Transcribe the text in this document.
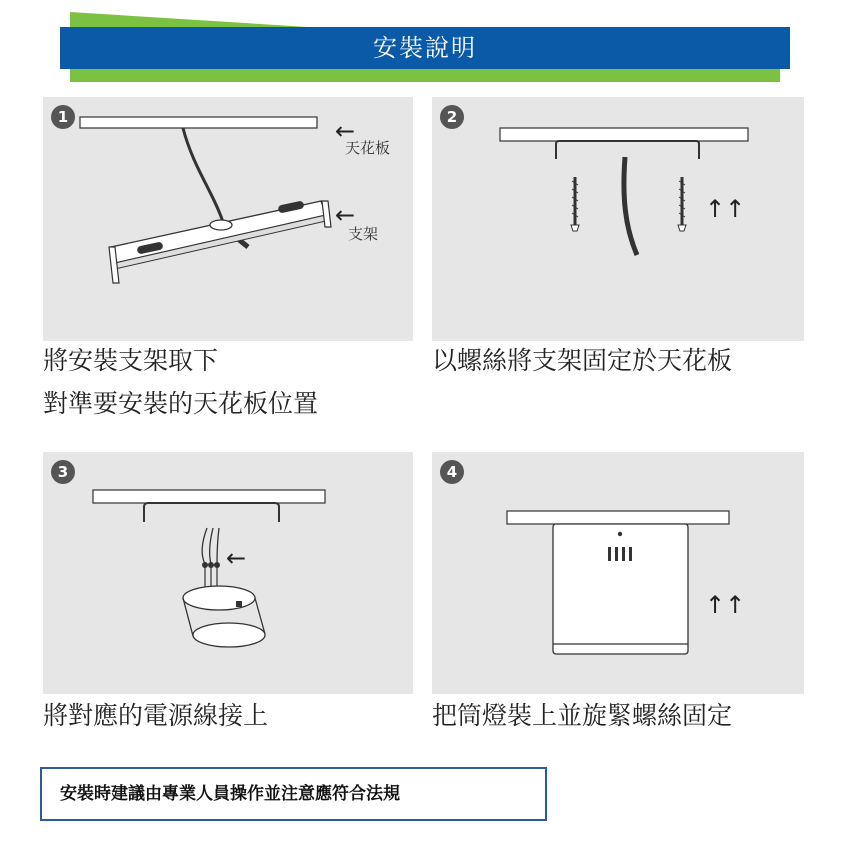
安裝說明
1	←
天花板
←
支架
將安裝支架取下
對準要安裝的天花板位置
2
↑↑
以螺絲將支架固定於天花板
3
←
將對應的電源線接上
4
↑↑
把筒燈裝上並旋緊螺絲固定
安裝時建議由專業人員操作並注意應符合法規
